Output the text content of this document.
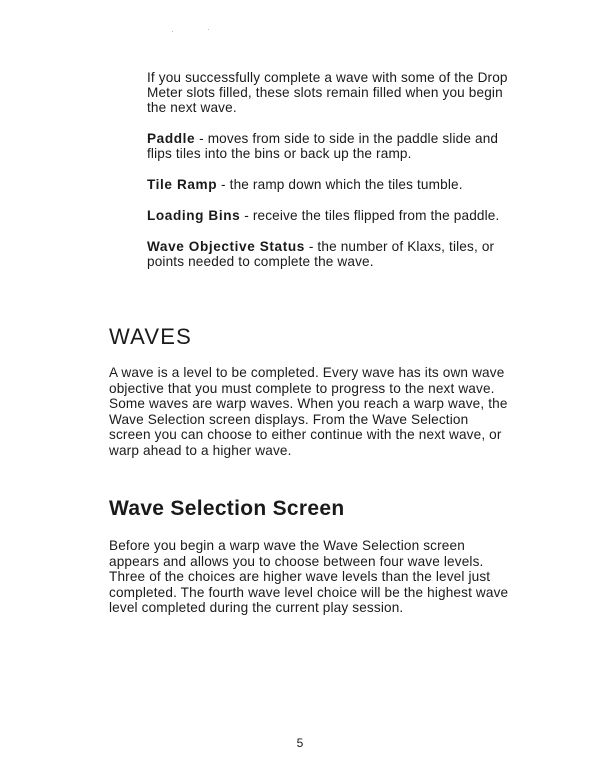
If you successfully complete a wave with some of the Drop Meter slots filled, these slots remain filled when you begin the next wave.

Paddle - moves from side to side in the paddle slide and flips tiles into the bins or back up the ramp.

Tile Ramp - the ramp down which the tiles tumble.

Loading Bins - receive the tiles flipped from the paddle.

Wave Objective Status - the number of Klaxs, tiles, or points needed to complete the wave.

WAVES

A wave is a level to be completed. Every wave has its own wave objective that you must complete to progress to the next wave. Some waves are warp waves. When you reach a warp wave, the Wave Selection screen displays. From the Wave Selection screen you can choose to either continue with the next wave, or warp ahead to a higher wave.

Wave Selection Screen

Before you begin a warp wave the Wave Selection screen appears and allows you to choose between four wave levels. Three of the choices are higher wave levels than the level just completed. The fourth wave level choice will be the highest wave level completed during the current play session.

5
